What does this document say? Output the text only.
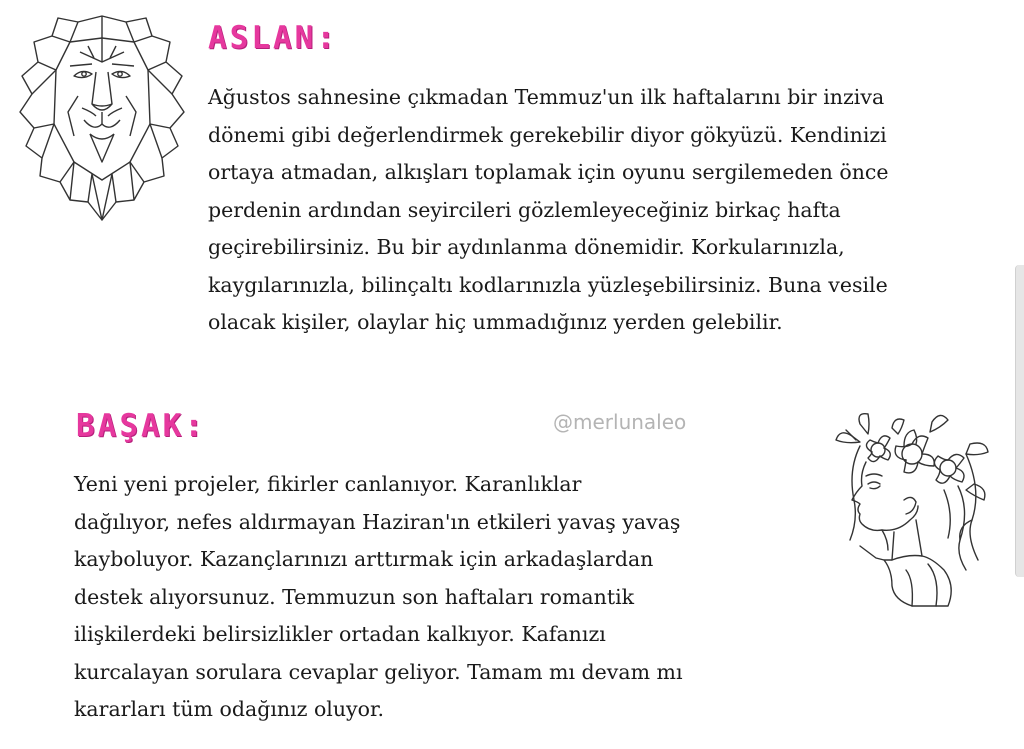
ASLAN:
Ağustos sahnesine çıkmadan Temmuz'un ilk haftalarını bir inziva
dönemi gibi değerlendirmek gerekebilir diyor gökyüzü. Kendinizi
ortaya atmadan, alkışları toplamak için oyunu sergilemeden önce
perdenin ardından seyircileri gözlemleyeceğiniz birkaç hafta
geçirebilirsiniz. Bu bir aydınlanma dönemidir. Korkularınızla,
kaygılarınızla, bilinçaltı kodlarınızla yüzleşebilirsiniz. Buna vesile
olacak kişiler, olaylar hiç ummadığınız yerden gelebilir.
BAŞAK:	@merlunaleo
Yeni yeni projeler, fikirler canlanıyor. Karanlıklar
dağılıyor, nefes aldırmayan Haziran'ın etkileri yavaş yavaş
kayboluyor. Kazançlarınızı arttırmak için arkadaşlardan
destek alıyorsunuz. Temmuzun son haftaları romantik
ilişkilerdeki belirsizlikler ortadan kalkıyor. Kafanızı
kurcalayan sorulara cevaplar geliyor. Tamam mı devam mı
kararları tüm odağınız oluyor.
